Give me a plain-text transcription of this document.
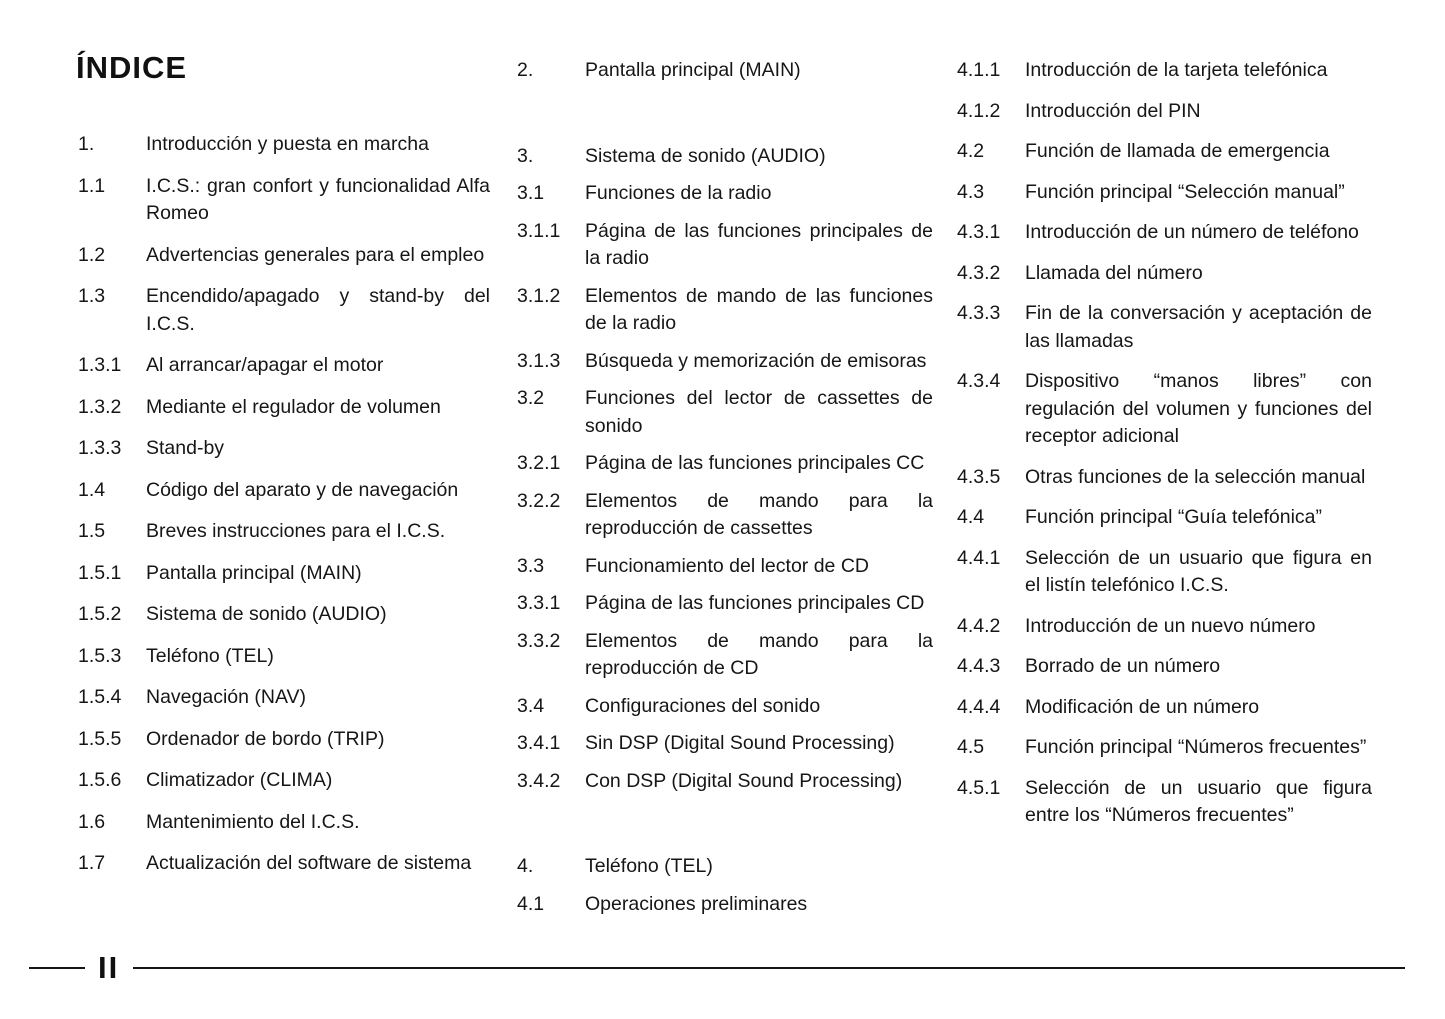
ÍNDICE
1.	Introducción y puesta en marcha
1.1	I.C.S.: gran confort y funcionalidad Alfa Romeo
1.2	Advertencias generales para el empleo
1.3	Encendido/apagado y stand-by del I.C.S.
1.3.1	Al arrancar/apagar el motor
1.3.2	Mediante el regulador de volumen
1.3.3	Stand-by
1.4	Código del aparato y de navegación
1.5	Breves instrucciones para el I.C.S.
1.5.1	Pantalla principal (MAIN)
1.5.2	Sistema de sonido (AUDIO)
1.5.3	Teléfono (TEL)
1.5.4	Navegación (NAV)
1.5.5	Ordenador de bordo (TRIP)
1.5.6	Climatizador (CLIMA)
1.6	Mantenimiento del I.C.S.
1.7	Actualización del software de sistema
2.	Pantalla principal (MAIN)
3.	Sistema de sonido (AUDIO)
3.1	Funciones de la radio
3.1.1	Página de las funciones principales de la radio
3.1.2	Elementos de mando de las funciones de la radio
3.1.3	Búsqueda y memorización de emisoras
3.2	Funciones del lector de cassettes de sonido
3.2.1	Página de las funciones principales CC
3.2.2	Elementos de mando para la reproducción de cassettes
3.3	Funcionamiento del lector de CD
3.3.1	Página de las funciones principales CD
3.3.2	Elementos de mando para la reproducción de CD
3.4	Configuraciones del sonido
3.4.1	Sin DSP (Digital Sound Processing)
3.4.2	Con DSP (Digital Sound Processing)
4.	Teléfono (TEL)
4.1	Operaciones preliminares
4.1.1	Introducción de la tarjeta telefónica
4.1.2	Introducción del PIN
4.2	Función de llamada de emergencia
4.3	Función principal “Selección manual”
4.3.1	Introducción de un número de teléfono
4.3.2	Llamada del número
4.3.3	Fin de la conversación y aceptación de las llamadas
4.3.4	Dispositivo “manos libres” con regulación del volumen y funciones del receptor adicional
4.3.5	Otras funciones de la selección manual
4.4	Función principal “Guía telefónica”
4.4.1	Selección de un usuario que figura en el listín telefónico I.C.S.
4.4.2	Introducción de un nuevo número
4.4.3	Borrado de un número
4.4.4	Modificación de un número
4.5	Función principal “Números frecuentes”
4.5.1	Selección de un usuario que figura entre los “Números frecuentes”
II
